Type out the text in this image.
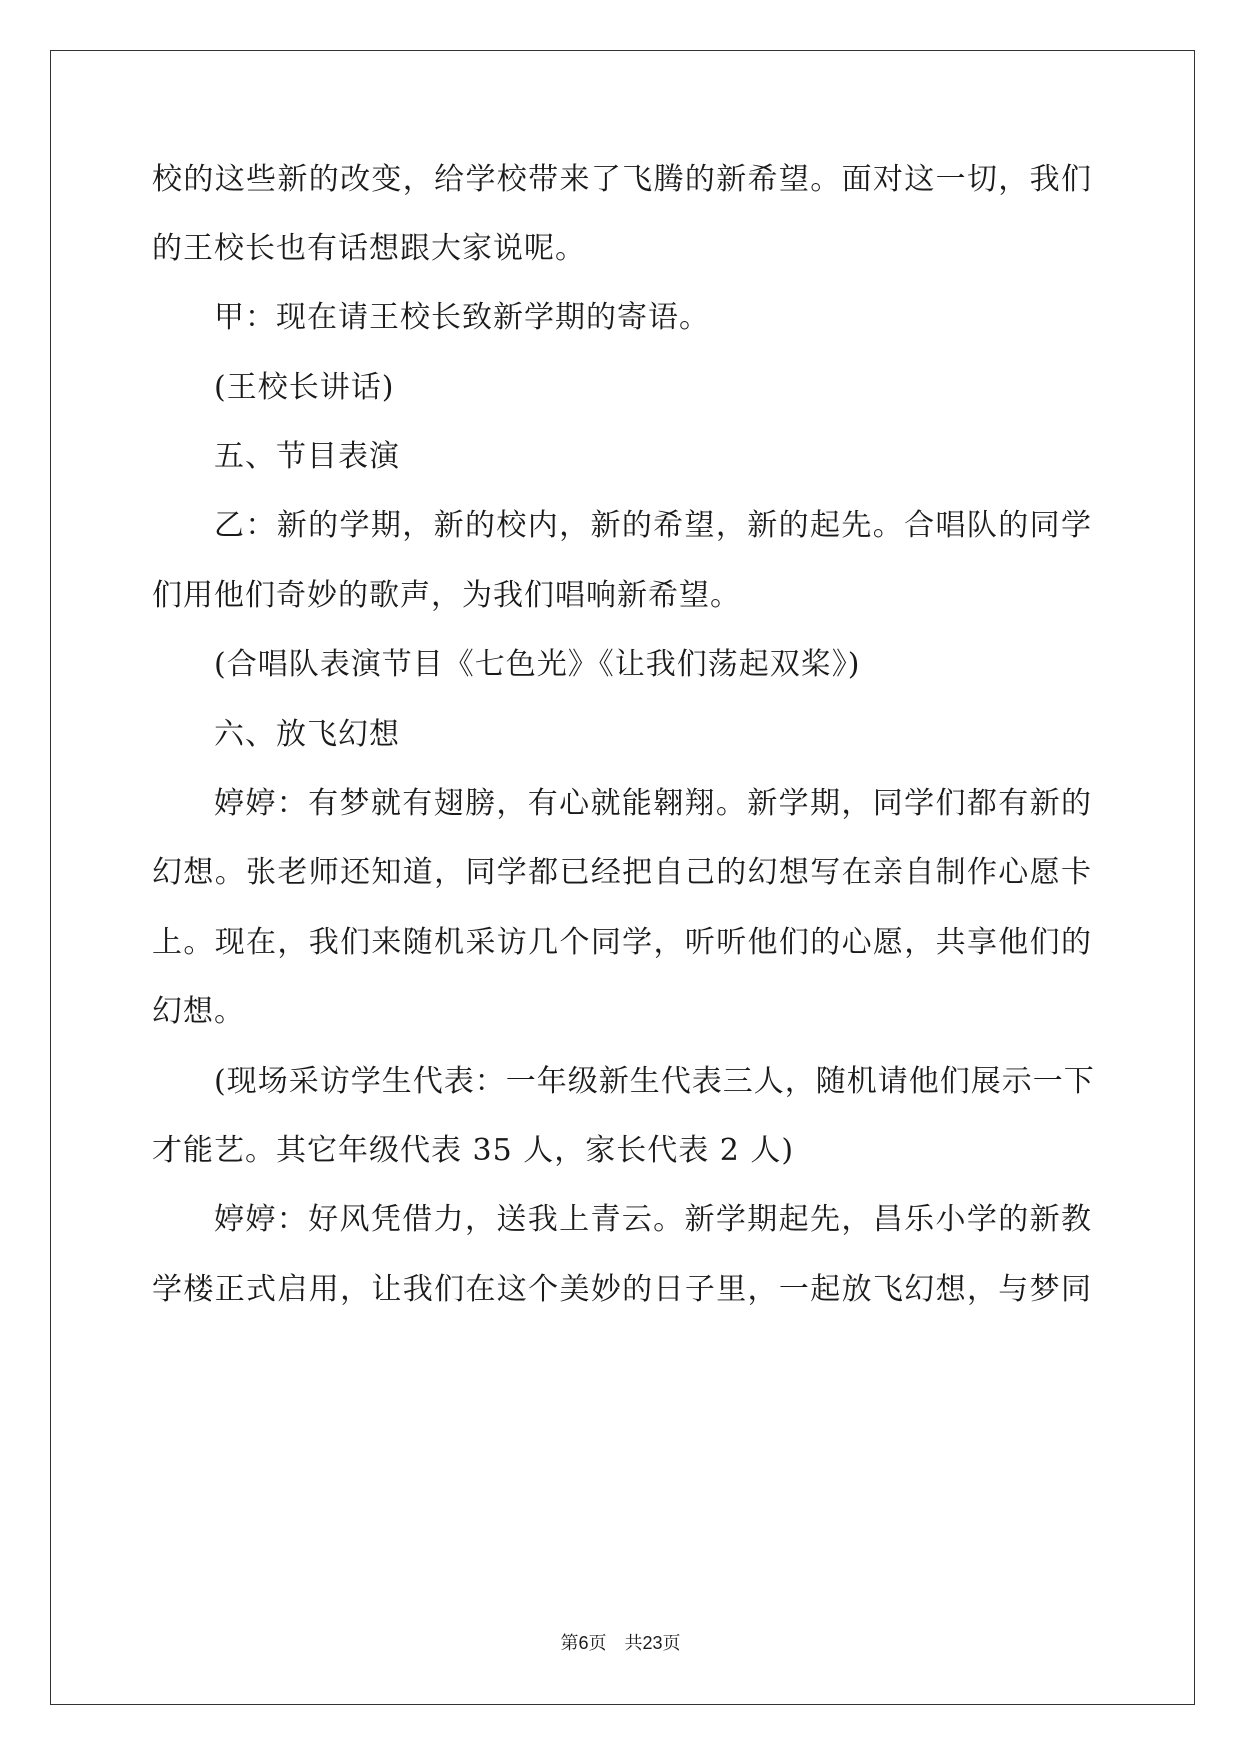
校的这些新的改变，给学校带来了飞腾的新希望。面对这一切，我们
的王校长也有话想跟大家说呢。
甲：现在请王校长致新学期的寄语。
(王校长讲话)
五、节目表演
乙：新的学期，新的校内，新的希望，新的起先。合唱队的同学
们用他们奇妙的歌声，为我们唱响新希望。
(合唱队表演节目《七色光》《让我们荡起双桨》)
六、放飞幻想
婷婷：有梦就有翅膀，有心就能翱翔。新学期，同学们都有新的
幻想。张老师还知道，同学都已经把自己的幻想写在亲自制作心愿卡
上。现在，我们来随机采访几个同学，听听他们的心愿，共享他们的
幻想。
(现场采访学生代表：一年级新生代表三人，随机请他们展示一下
才能艺。其它年级代表 35 人，家长代表 2 人)
婷婷：好风凭借力，送我上青云。新学期起先，昌乐小学的新教
学楼正式启用，让我们在这个美妙的日子里，一起放飞幻想，与梦同
第6页 共23页
